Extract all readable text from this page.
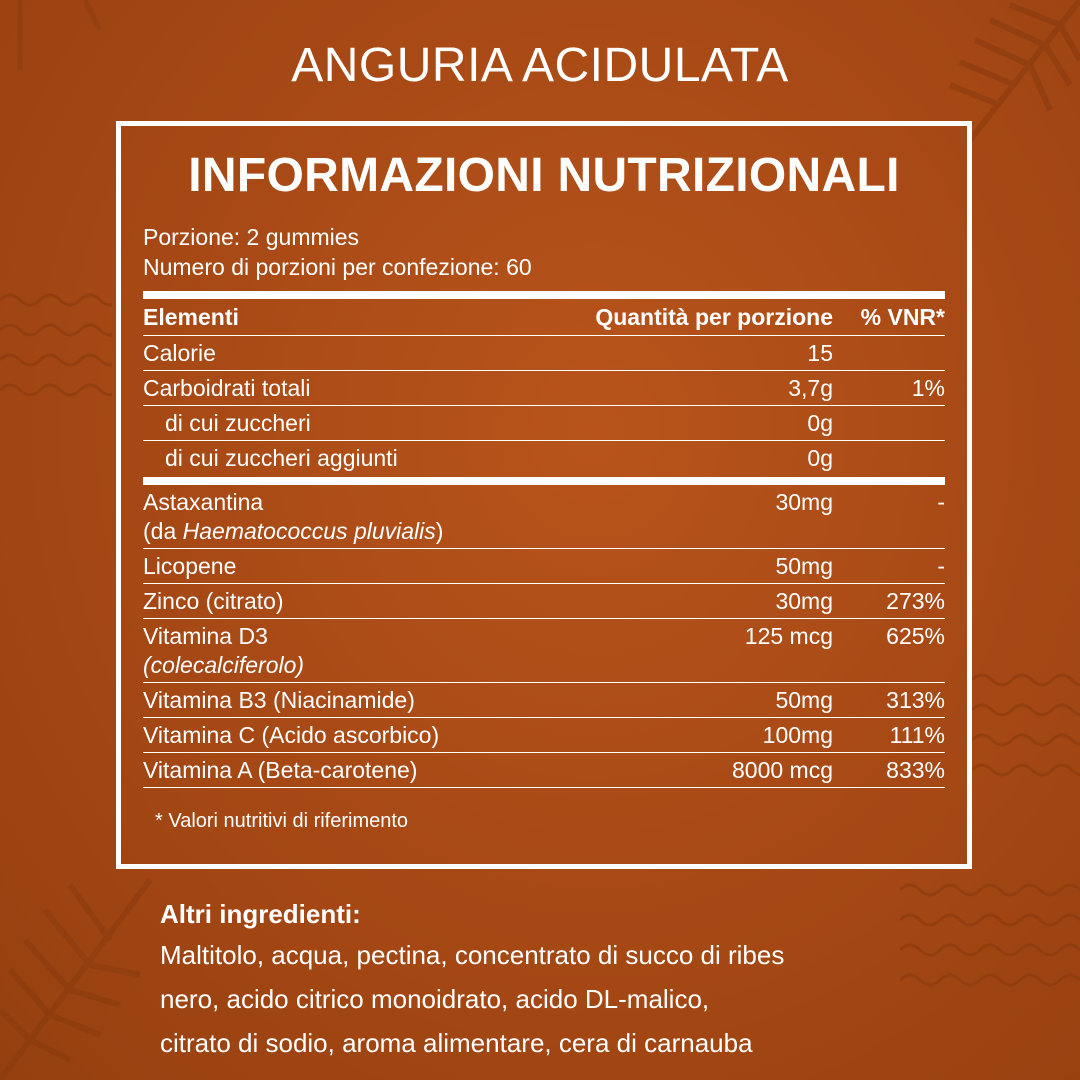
ANGURIA ACIDULATA
INFORMAZIONI NUTRIZIONALI
Porzione: 2 gummies
Numero di porzioni per confezione: 60
Elementi	Quantità per porzione	% VNR*
Calorie	15
Carboidrati totali	3,7g	1%
di cui zuccheri	0g
di cui zuccheri aggiunti	0g
Astaxantina
(da Haematococcus pluvialis)
30mg	-
Licopene	50mg	-
Zinco (citrato)	30mg	273%
Vitamina D3
(colecalciferolo)
125 mcg	625%
Vitamina B3 (Niacinamide)	50mg	313%
Vitamina C (Acido ascorbico)	100mg	111%
Vitamina A (Beta-carotene)	8000 mcg	833%
* Valori nutritivi di riferimento
Altri ingredienti:
Maltitolo, acqua, pectina, concentrato di succo di ribes
nero, acido citrico monoidrato, acido DL-malico,
citrato di sodio, aroma alimentare, cera di carnauba
